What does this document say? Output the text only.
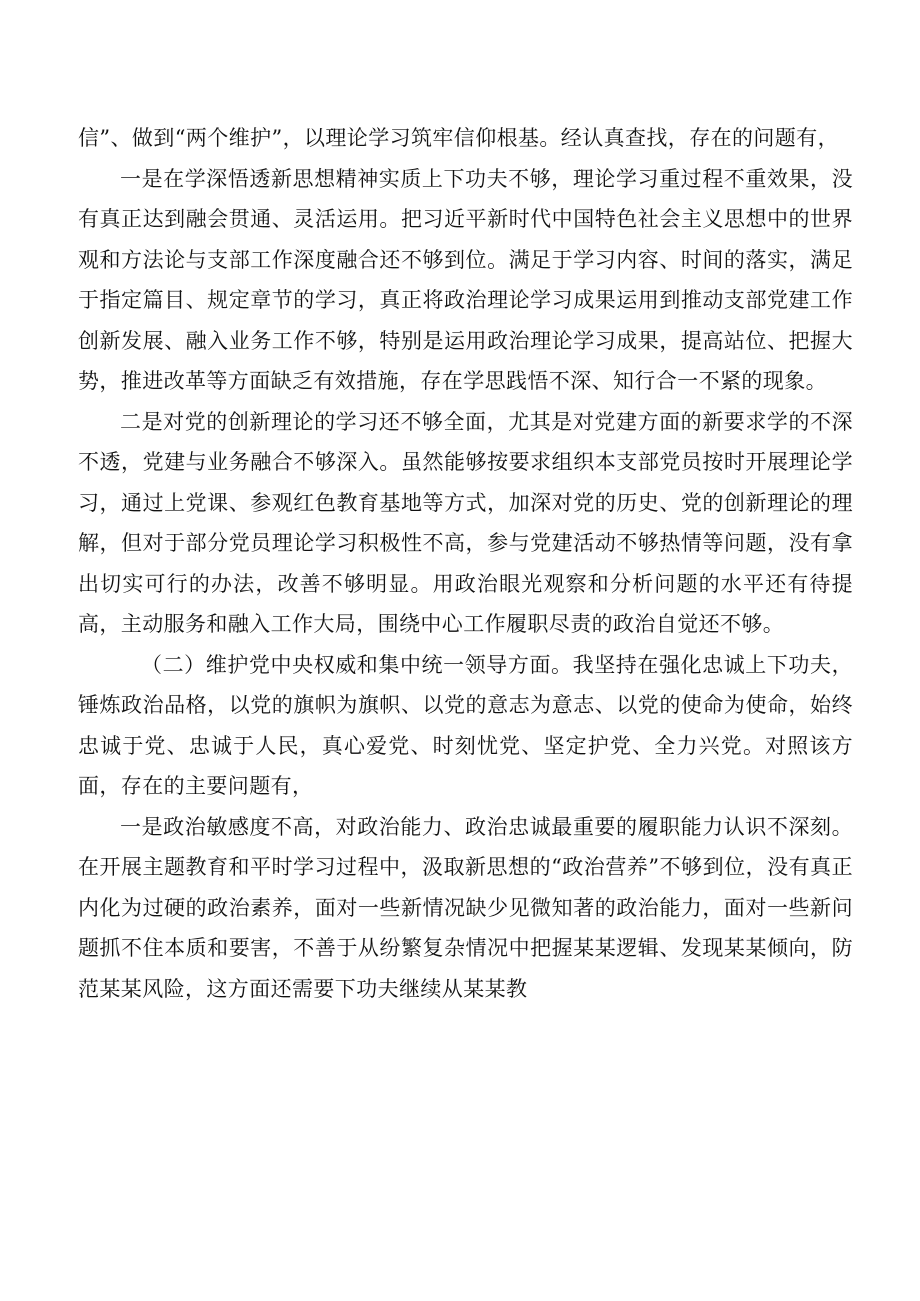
信”、做到“两个维护”，以理论学习筑牢信仰根基。经认真查找，存在的问题有，

一是在学深悟透新思想精神实质上下功夫不够，理论学习重过程不重效果，没有真正达到融会贯通、灵活运用。把习近平新时代中国特色社会主义思想中的世界观和方法论与支部工作深度融合还不够到位。满足于学习内容、时间的落实，满足于指定篇目、规定章节的学习，真正将政治理论学习成果运用到推动支部党建工作创新发展、融入业务工作不够，特别是运用政治理论学习成果，提高站位、把握大势，推进改革等方面缺乏有效措施，存在学思践悟不深、知行合一不紧的现象。

二是对党的创新理论的学习还不够全面，尤其是对党建方面的新要求学的不深不透，党建与业务融合不够深入。虽然能够按要求组织本支部党员按时开展理论学习，通过上党课、参观红色教育基地等方式，加深对党的历史、党的创新理论的理解，但对于部分党员理论学习积极性不高，参与党建活动不够热情等问题，没有拿出切实可行的办法，改善不够明显。用政治眼光观察和分析问题的水平还有待提高，主动服务和融入工作大局，围绕中心工作履职尽责的政治自觉还不够。

（二）维护党中央权威和集中统一领导方面。我坚持在强化忠诚上下功夫，锤炼政治品格，以党的旗帜为旗帜、以党的意志为意志、以党的使命为使命，始终忠诚于党、忠诚于人民，真心爱党、时刻忧党、坚定护党、全力兴党。对照该方面，存在的主要问题有，

一是政治敏感度不高，对政治能力、政治忠诚最重要的履职能力认识不深刻。在开展主题教育和平时学习过程中，汲取新思想的“政治营养”不够到位，没有真正内化为过硬的政治素养，面对一些新情况缺少见微知著的政治能力，面对一些新问题抓不住本质和要害，不善于从纷繁复杂情况中把握某某逻辑、发现某某倾向，防范某某风险，这方面还需要下功夫继续从某某教
